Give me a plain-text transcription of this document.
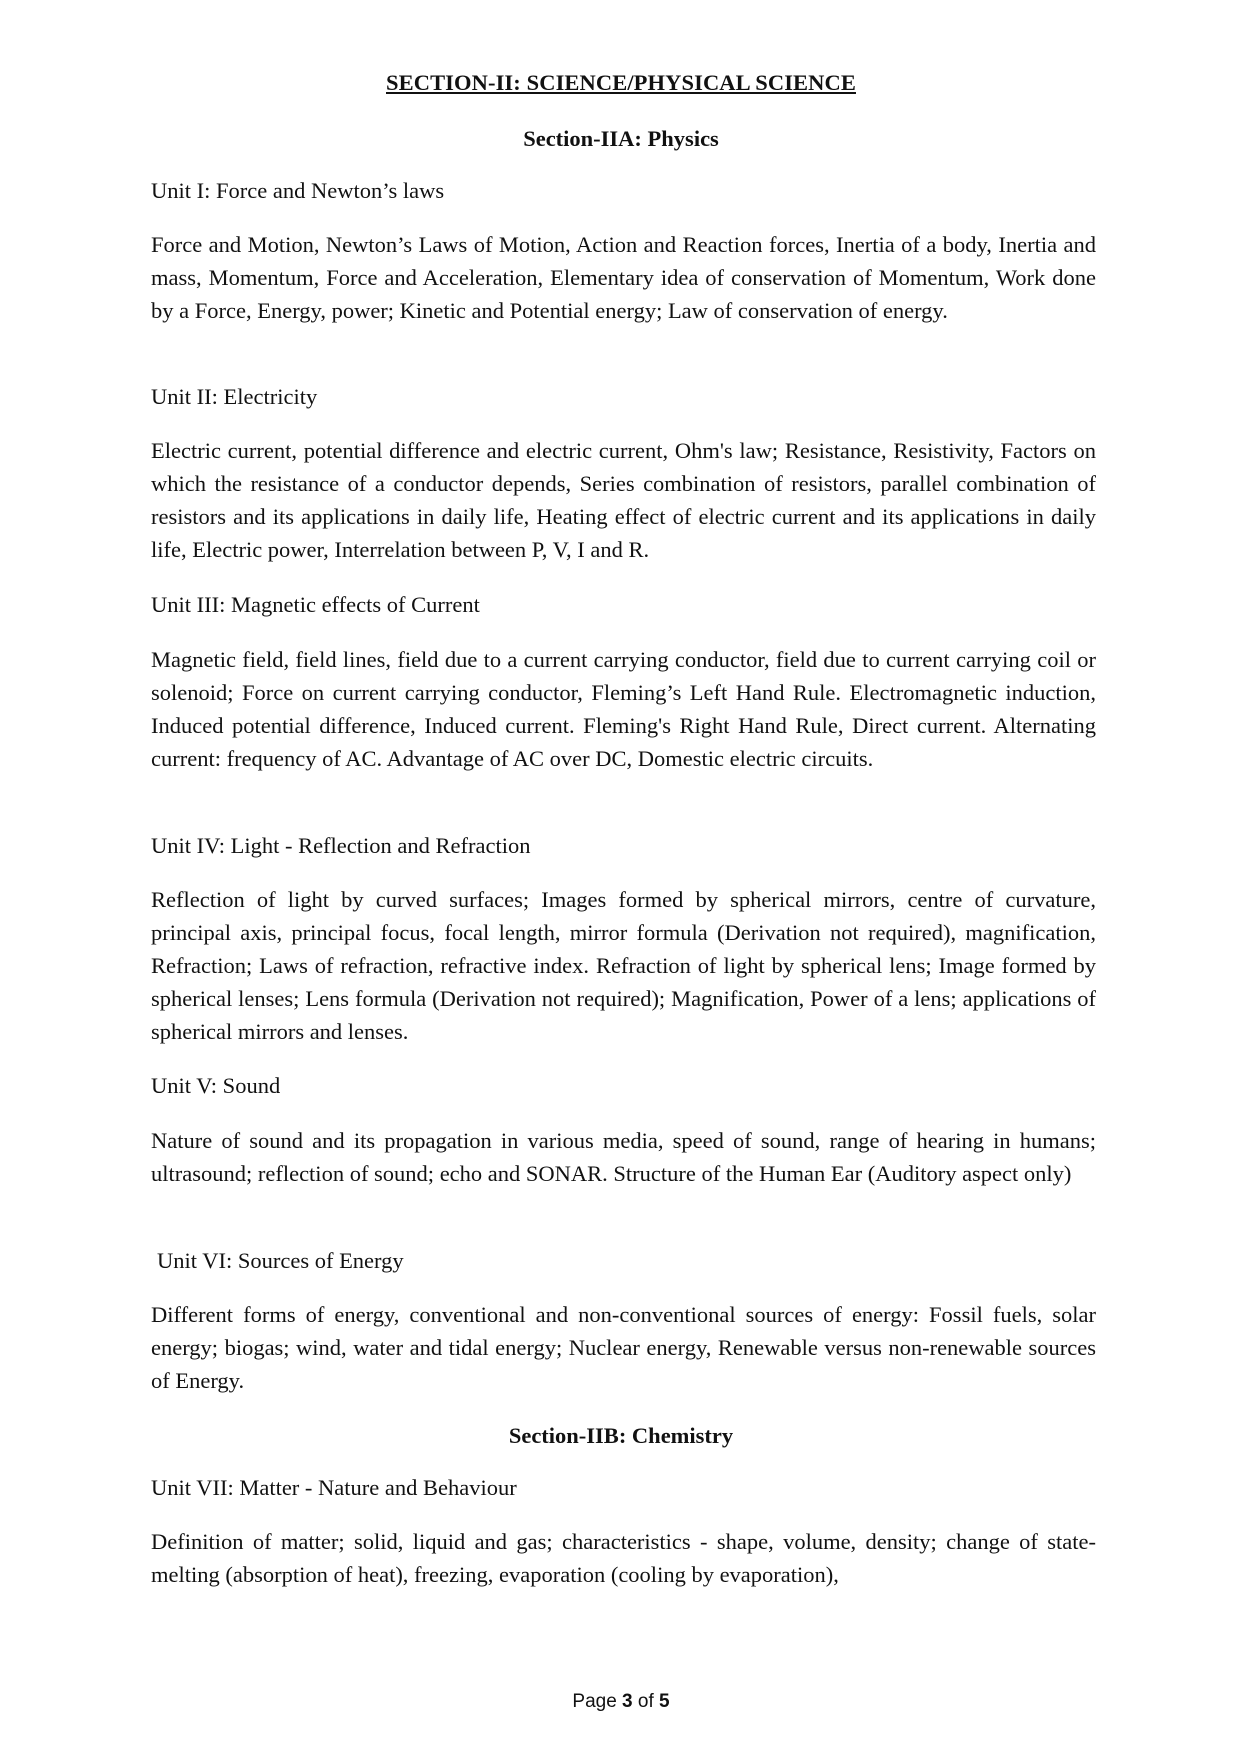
SECTION-II: SCIENCE/PHYSICAL SCIENCE
Section-IIA: Physics
Unit I: Force and Newton’s laws

Force and Motion, Newton’s Laws of Motion, Action and Reaction forces, Inertia of a body, Inertia and mass, Momentum, Force and Acceleration, Elementary idea of conservation of Momentum, Work done by a Force, Energy, power; Kinetic and Potential energy; Law of conservation of energy.

Unit II: Electricity

Electric current, potential difference and electric current, Ohm's law; Resistance, Resistivity, Factors on which the resistance of a conductor depends, Series combination of resistors, parallel combination of resistors and its applications in daily life, Heating effect of electric current and its applications in daily life, Electric power, Interrelation between P, V, I and R.

Unit III: Magnetic effects of Current

Magnetic field, field lines, field due to a current carrying conductor, field due to current carrying coil or solenoid; Force on current carrying conductor, Fleming’s Left Hand Rule. Electromagnetic induction, Induced potential difference, Induced current. Fleming's Right Hand Rule, Direct current. Alternating current: frequency of AC. Advantage of AC over DC, Domestic electric circuits.

Unit IV: Light - Reflection and Refraction

Reflection of light by curved surfaces; Images formed by spherical mirrors, centre of curvature, principal axis, principal focus, focal length, mirror formula (Derivation not required), magnification, Refraction; Laws of refraction, refractive index. Refraction of light by spherical lens; Image formed by spherical lenses; Lens formula (Derivation not required); Magnification, Power of a lens; applications of spherical mirrors and lenses.

Unit V: Sound

Nature of sound and its propagation in various media, speed of sound, range of hearing in humans; ultrasound; reflection of sound; echo and SONAR. Structure of the Human Ear (Auditory aspect only)

Unit VI: Sources of Energy

Different forms of energy, conventional and non-conventional sources of energy: Fossil fuels, solar energy; biogas; wind, water and tidal energy; Nuclear energy, Renewable versus non-renewable sources of Energy.

Section-IIB: Chemistry
Unit VII: Matter - Nature and Behaviour

Definition of matter; solid, liquid and gas; characteristics - shape, volume, density; change of state-melting (absorption of heat), freezing, evaporation (cooling by evaporation),

Page 3 of 5
